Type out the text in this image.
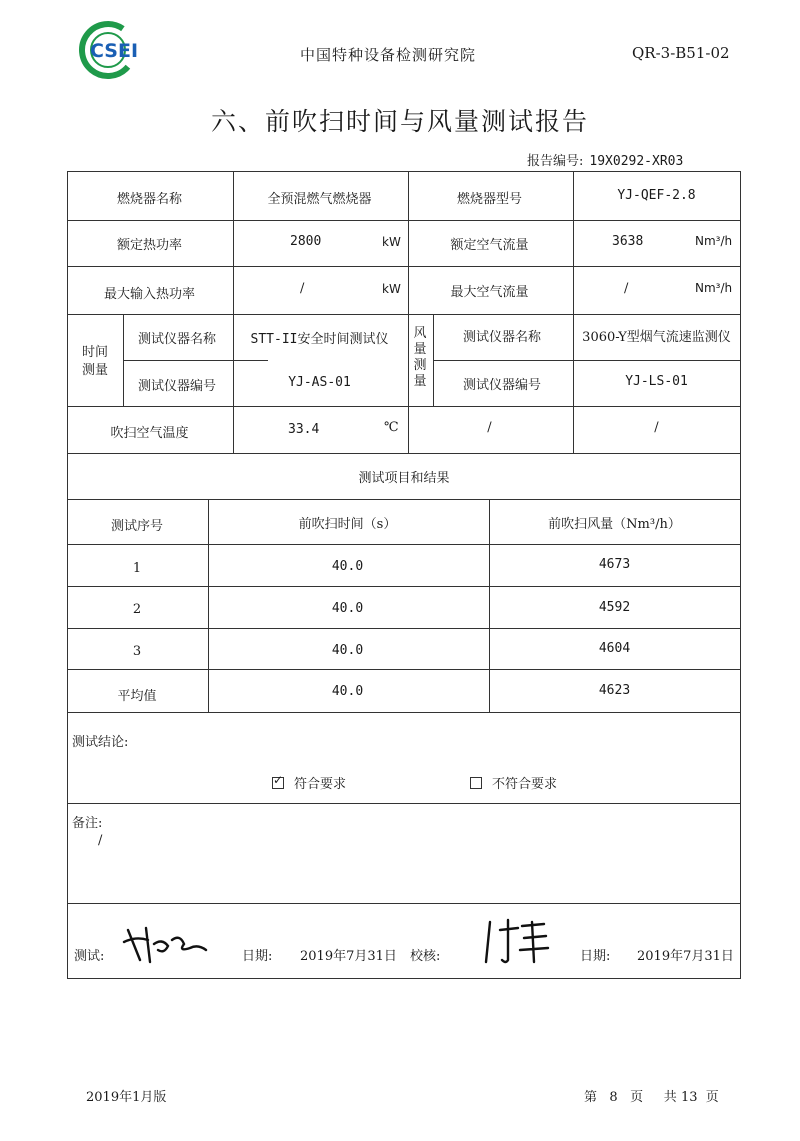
CSEI	中国特种设备检测研究院	QR-3-B51-02
六、前吹扫时间与风量测试报告
报告编号: 19X0292-XR03
燃烧器名称	全预混燃气燃烧器	燃烧器型号	YJ-QEF-2.8
额定热功率	2800	kW	额定空气流量	3638	Nm³/h
最大输入热功率	/	kW	最大空气流量	/	Nm³/h
时间测量
测试仪器名称	STT-II安全时间测试仪
测试仪器编号	YJ-AS-01
风量测量
测试仪器名称	3060-Y型烟气流速监测仪
测试仪器编号	YJ-LS-01
吹扫空气温度	33.4	℃	/	/
测试项目和结果
测试序号	前吹扫时间（s）	前吹扫风量（Nm³/h）
1	40.0	4673
2	40.0	4592
3	40.0	4604
平均值	40.0	4623
测试结论:
✓符合要求	不符合要求
备注:
/
测试:	日期: 2019年7月31日 校核:	日期: 2019年7月31日
2019年1月版	第 8 页 共 13 页
